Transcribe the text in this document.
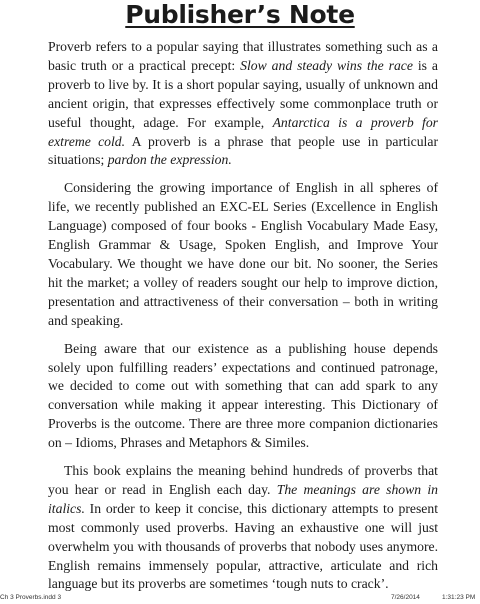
Publisher’s Note

Proverb refers to a popular saying that illustrates something such as a basic truth or a practical precept: Slow and steady wins the race is a proverb to live by. It is a short popular saying, usually of unknown and ancient origin, that expresses effectively some commonplace truth or useful thought, adage. For example, Antarctica is a proverb for extreme cold. A proverb is a phrase that people use in particular situations; pardon the expression.

Considering the growing importance of English in all spheres of life, we recently published an EXC-EL Series (Excellence in English Language) composed of four books - English Vocabulary Made Easy, English Grammar & Usage, Spoken English, and Improve Your Vocabulary. We thought we have done our bit. No sooner, the Series hit the market; a volley of readers sought our help to improve diction, presentation and attractiveness of their conversation – both in writing and speaking.

Being aware that our existence as a publishing house depends solely upon fulfilling readers’ expectations and continued patronage, we decided to come out with something that can add spark to any conversation while making it appear interesting. This Dictionary of Proverbs is the outcome. There are three more companion dictionaries on – Idioms, Phrases and Metaphors & Similes.

This book explains the meaning behind hundreds of proverbs that you hear or read in English each day. The meanings are shown in italics. In order to keep it concise, this dictionary attempts to present most commonly used proverbs. Having an exhaustive one will just overwhelm you with thousands of proverbs that nobody uses anymore. English remains immensely popular, attractive, articulate and rich language but its proverbs are sometimes ‘tough nuts to crack’.

Ch 3 Proverbs.indd 3	7/26/2014	1:31:23 PM
